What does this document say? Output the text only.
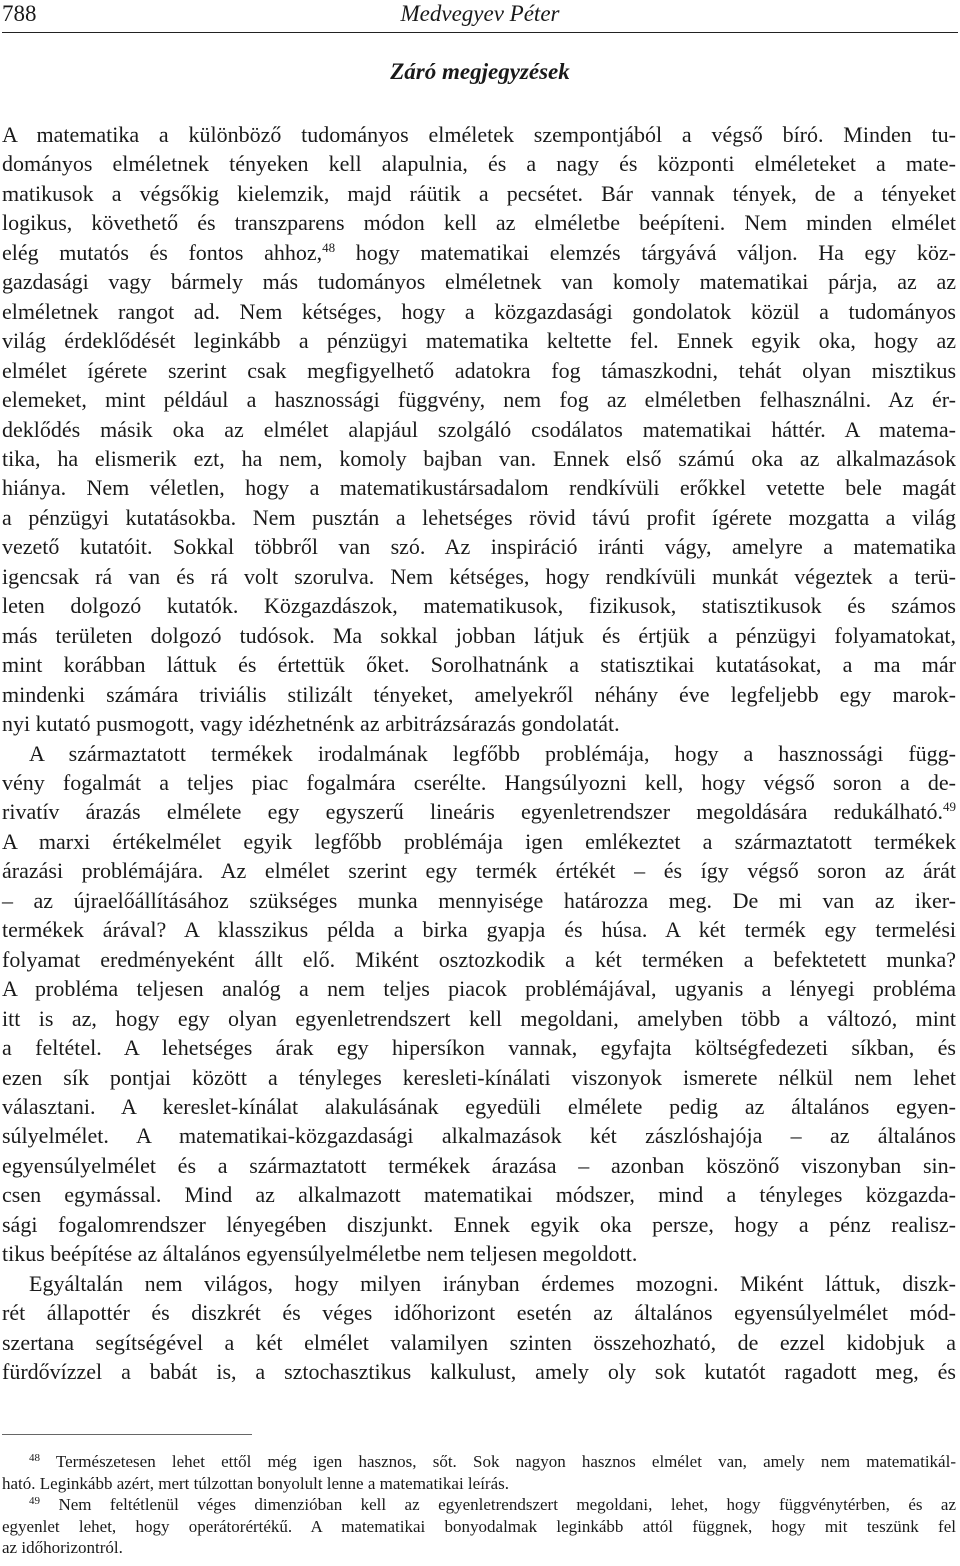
788	Medvegyev Péter
Záró megjegyzések

A matematika a különböző tudományos elméletek szempontjából a végső bíró. Minden tu-

dományos elméletnek tényeken kell alapulnia, és a nagy és központi elméleteket a mate-

matikusok a végsőkig kielemzik, majd ráütik a pecsétet. Bár vannak tények, de a tényeket

logikus, követhető és transzparens módon kell az elméletbe beépíteni. Nem minden elmélet

elég mutatós és fontos ahhoz,$^{48}$ hogy matematikai elemzés tárgyává váljon. Ha egy köz-

gazdasági vagy bármely más tudományos elméletnek van komoly matematikai párja, az az

elméletnek rangot ad. Nem kétséges, hogy a közgazdasági gondolatok közül a tudományos

világ érdeklődését leginkább a pénzügyi matematika keltette fel. Ennek egyik oka, hogy az

elmélet ígérete szerint csak megfigyelhető adatokra fog támaszkodni, tehát olyan misztikus

elemeket, mint például a hasznossági függvény, nem fog az elméletben felhasználni. Az ér-

deklődés másik oka az elmélet alapjául szolgáló csodálatos matematikai háttér. A matema-

tika, ha elismerik ezt, ha nem, komoly bajban van. Ennek első számú oka az alkalmazások

hiánya. Nem véletlen, hogy a matematikustársadalom rendkívüli erőkkel vetette bele magát

a pénzügyi kutatásokba. Nem pusztán a lehetséges rövid távú profit ígérete mozgatta a világ

vezető kutatóit. Sokkal többről van szó. Az inspiráció iránti vágy, amelyre a matematika

igencsak rá van és rá volt szorulva. Nem kétséges, hogy rendkívüli munkát végeztek a terü-

leten dolgozó kutatók. Közgazdászok, matematikusok, fizikusok, statisztikusok és számos

más területen dolgozó tudósok. Ma sokkal jobban látjuk és értjük a pénzügyi folyamatokat,

mint korábban láttuk és értettük őket. Sorolhatnánk a statisztikai kutatásokat, a ma már

mindenki számára triviális stilizált tényeket, amelyekről néhány éve legfeljebb egy marok-

nyi kutató pusmogott, vagy idézhetnénk az arbitrázsárazás gondolatát.

A származtatott termékek irodalmának legfőbb problémája, hogy a hasznossági függ-

vény fogalmát a teljes piac fogalmára cserélte. Hangsúlyozni kell, hogy végső soron a de-

rivatív árazás elmélete egy egyszerű lineáris egyenletrendszer megoldására redukálható.$^{49}$

A marxi értékelmélet egyik legfőbb problémája igen emlékeztet a származtatott termékek

árazási problémájára. Az elmélet szerint egy termék értékét – és így végső soron az árát

– az újraelőállításához szükséges munka mennyisége határozza meg. De mi van az iker-

termékek árával? A klasszikus példa a birka gyapja és húsa. A két termék egy termelési

folyamat eredményeként állt elő. Miként osztozkodik a két terméken a befektetett munka?

A probléma teljesen analóg a nem teljes piacok problémájával, ugyanis a lényegi probléma

itt is az, hogy egy olyan egyenletrendszert kell megoldani, amelyben több a változó, mint

a feltétel. A lehetséges árak egy hipersíkon vannak, egyfajta költségfedezeti síkban, és

ezen sík pontjai között a tényleges keresleti-kínálati viszonyok ismerete nélkül nem lehet

választani. A kereslet-kínálat alakulásának egyedüli elmélete pedig az általános egyen-

súlyelmélet. A matematikai-közgazdasági alkalmazások két zászlóshajója – az általános

egyensúlyelmélet és a származtatott termékek árazása – azonban köszönő viszonyban sin-

csen egymással. Mind az alkalmazott matematikai módszer, mind a tényleges közgazda-

sági fogalomrendszer lényegében diszjunkt. Ennek egyik oka persze, hogy a pénz realisz-

tikus beépítése az általános egyensúlyelméletbe nem teljesen megoldott.

Egyáltalán nem világos, hogy milyen irányban érdemes mozogni. Miként láttuk, diszk-

rét állapottér és diszkrét és véges időhorizont esetén az általános egyensúlyelmélet mód-

szertana segítségével a két elmélet valamilyen szinten összehozható, de ezzel kidobjuk a

fürdővízzel a babát is, a sztochasztikus kalkulust, amely oly sok kutatót ragadott meg, és

$^{48}$ Természetesen lehet ettől még igen hasznos, sőt. Sok nagyon hasznos elmélet van, amely nem matematikál-

ható. Leginkább azért, mert túlzottan bonyolult lenne a matematikai leírás.

$^{49}$ Nem feltétlenül véges dimenzióban kell az egyenletrendszert megoldani, lehet, hogy függvénytérben, és az

egyenlet lehet, hogy operátorértékű. A matematikai bonyodalmak leginkább attól függnek, hogy mit teszünk fel

az időhorizontról.
